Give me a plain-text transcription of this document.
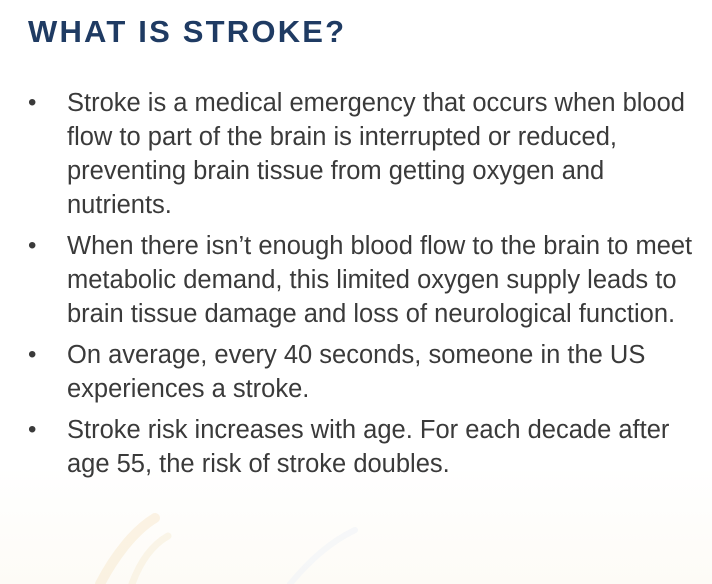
WHAT IS STROKE?
• Stroke is a medical emergency that occurs when blood flow to part of the brain is interrupted or reduced, preventing brain tissue from getting oxygen and nutrients.
• When there isn’t enough blood flow to the brain to meet metabolic demand, this limited oxygen supply leads to brain tissue damage and loss of neurological function.
• On average, every 40 seconds, someone in the US experiences a stroke.
• Stroke risk increases with age. For each decade after age 55, the risk of stroke doubles.
